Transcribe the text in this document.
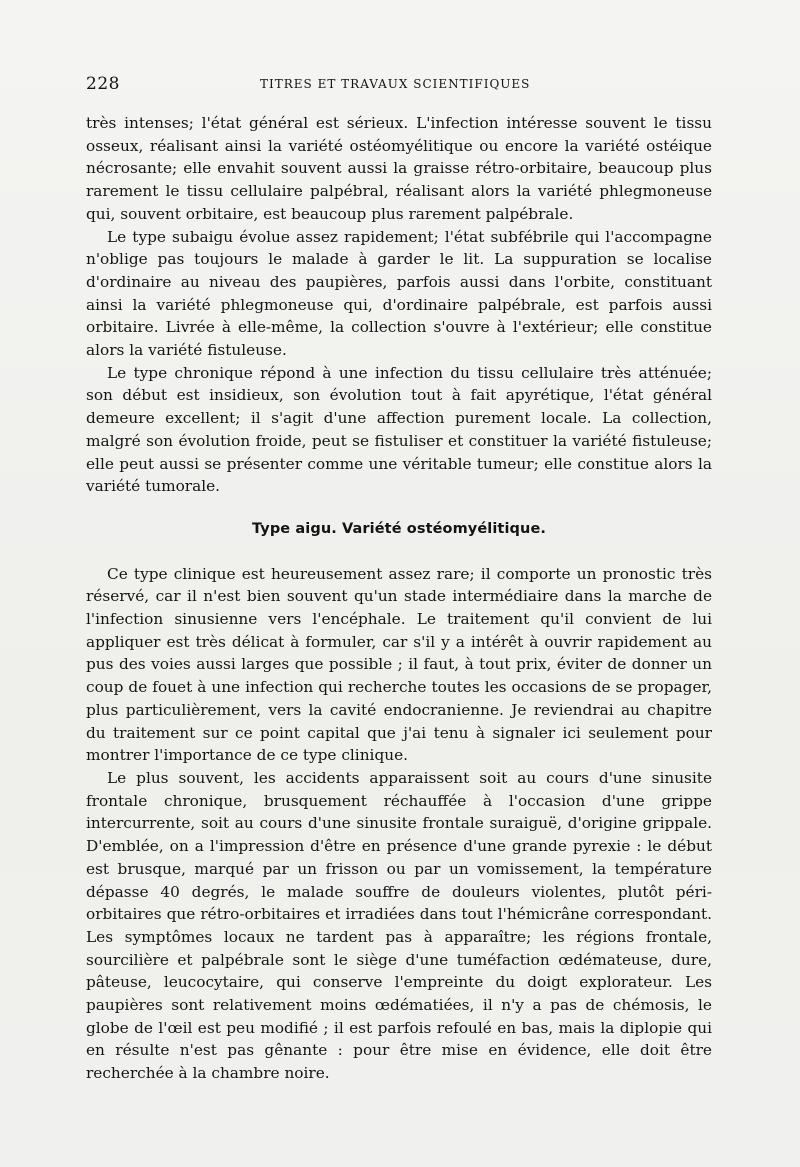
228	TITRES ET TRAVAUX SCIENTIFIQUES

très intenses; l'état général est sérieux. L'infection intéresse souvent le tissu osseux, réalisant ainsi la variété ostéomyélitique ou encore la variété ostéique nécrosante; elle envahit souvent aussi la graisse rétro-orbitaire, beaucoup plus rarement le tissu cellulaire palpébral, réalisant alors la variété phlegmoneuse qui, souvent orbitaire, est beaucoup plus rarement palpébrale.

Le type subaigu évolue assez rapidement; l'état subfébrile qui l'accompagne n'oblige pas toujours le malade à garder le lit. La suppuration se localise d'ordinaire au niveau des paupières, parfois aussi dans l'orbite, constituant ainsi la variété phlegmoneuse qui, d'ordinaire palpébrale, est parfois aussi orbitaire. Livrée à elle-même, la collection s'ouvre à l'extérieur; elle constitue alors la variété fistuleuse.

Le type chronique répond à une infection du tissu cellulaire très atténuée; son début est insidieux, son évolution tout à fait apyrétique, l'état général demeure excellent; il s'agit d'une affection purement locale. La collection, malgré son évolution froide, peut se fistuliser et constituer la variété fistuleuse; elle peut aussi se présenter comme une véritable tumeur; elle constitue alors la variété tumorale.

Type aigu. Variété ostéomyélitique.

Ce type clinique est heureusement assez rare; il comporte un pronostic très réservé, car il n'est bien souvent qu'un stade intermédiaire dans la marche de l'infection sinusienne vers l'encéphale. Le traitement qu'il convient de lui appliquer est très délicat à formuler, car s'il y a intérêt à ouvrir rapidement au pus des voies aussi larges que possible ; il faut, à tout prix, éviter de donner un coup de fouet à une infection qui recherche toutes les occasions de se propager, plus particulièrement, vers la cavité endocranienne. Je reviendrai au chapitre du traitement sur ce point capital que j'ai tenu à signaler ici seulement pour montrer l'importance de ce type clinique.

Le plus souvent, les accidents apparaissent soit au cours d'une sinusite frontale chronique, brusquement réchauffée à l'occasion d'une grippe intercurrente, soit au cours d'une sinusite frontale suraiguë, d'origine grippale. D'emblée, on a l'impression d'être en présence d'une grande pyrexie : le début est brusque, marqué par un frisson ou par un vomissement, la température dépasse 40 degrés, le malade souffre de douleurs violentes, plutôt péri-orbitaires que rétro-orbitaires et irradiées dans tout l'hémicrâne correspondant. Les symptômes locaux ne tardent pas à apparaître; les régions frontale, sourcilière et palpébrale sont le siège d'une tuméfaction œdémateuse, dure, pâteuse, leucocytaire, qui conserve l'empreinte du doigt explorateur. Les paupières sont relativement moins œdématiées, il n'y a pas de chémosis, le globe de l'œil est peu modifié ; il est parfois refoulé en bas, mais la diplopie qui en résulte n'est pas gênante : pour être mise en évidence, elle doit être recherchée à la chambre noire.
